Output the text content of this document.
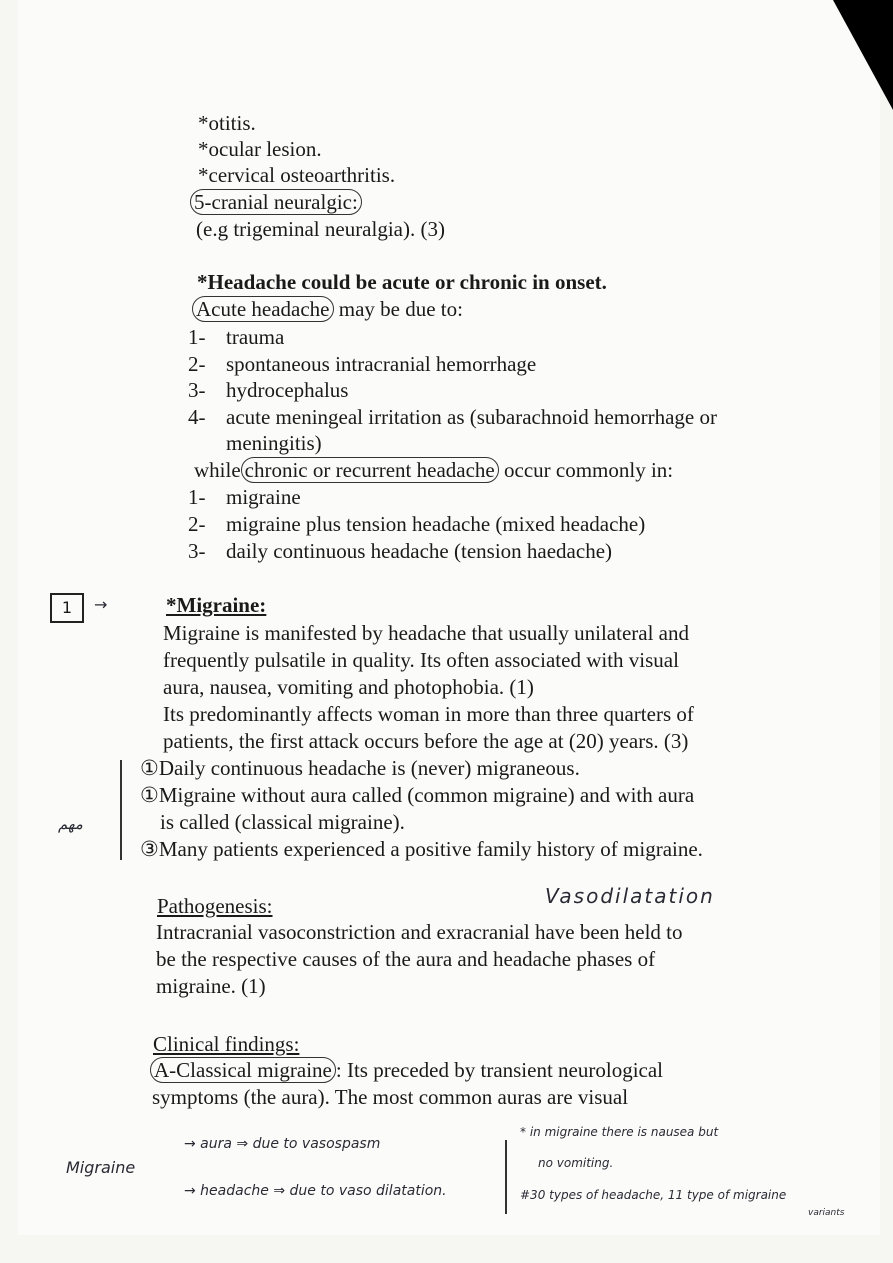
*otitis.
*ocular lesion.
*cervical osteoarthritis.
5-cranial neuralgic:
(e.g trigeminal neuralgia). (3)
*Headache could be acute or chronic in onset.
Acute headache may be due to:
1- trauma
2- spontaneous intracranial hemorrhage
3- hydrocephalus
4- acute meningeal irritation as (subarachnoid hemorrhage or
meningitis)
while chronic or recurrent headache occur commonly in:
1- migraine
2- migraine plus tension headache (mixed headache)
3- daily continuous headache (tension haedache)
1	→	*Migraine:
Migraine is manifested by headache that usually unilateral and
frequently pulsatile in quality. Its often associated with visual
aura, nausea, vomiting and photophobia. (1)
Its predominantly affects woman in more than three quarters of
patients, the first attack occurs before the age at (20) years. (3)
مهم
①Daily continuous headache is (never) migraneous.
①Migraine without aura called (common migraine) and with aura
is called (classical migraine).
③Many patients experienced a positive family history of migraine.
Vasodilatation
Pathogenesis:
Intracranial vasoconstriction and exracranial have been held to
be the respective causes of the aura and headache phases of
migraine. (1)
Clinical findings:
A-Classical migraine : Its preceded by transient neurological
symptoms (the aura). The most common auras are visual
Migraine
→ aura ⇒ due to vasospasm
→ headache ⇒ due to vaso dilatation.
* in migraine there is nausea but
no vomiting.
#30 types of headache, 11 type of migraine
variants
